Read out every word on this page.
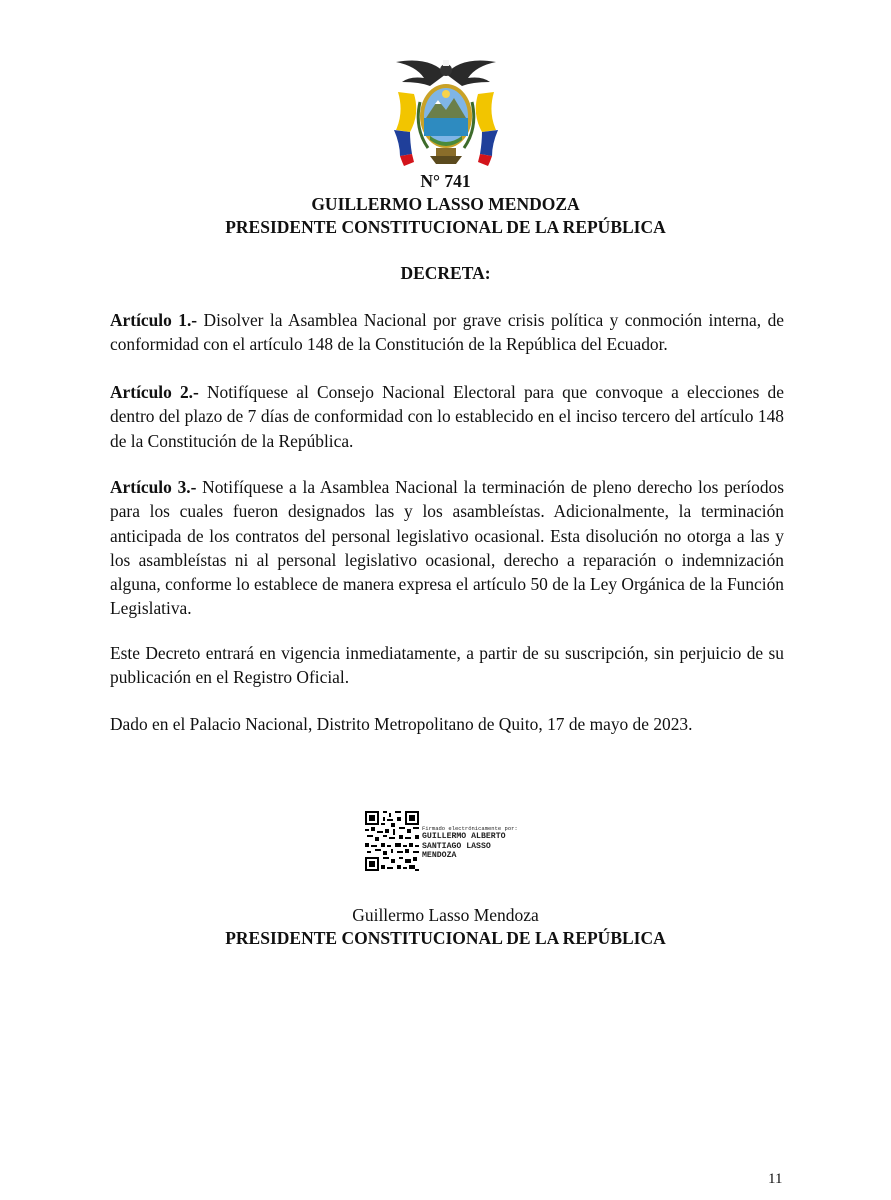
N° 741
GUILLERMO LASSO MENDOZA
PRESIDENTE CONSTITUCIONAL DE LA REPÚBLICA
DECRETA:
Artículo 1.- Disolver la Asamblea Nacional por grave crisis política y conmoción interna, de conformidad con el artículo 148 de la Constitución de la República del Ecuador.
Artículo 2.- Notifíquese al Consejo Nacional Electoral para que convoque a elecciones de dentro del plazo de 7 días de conformidad con lo establecido en el inciso tercero del artículo 148 de la Constitución de la República.
Artículo 3.- Notifíquese a la Asamblea Nacional la terminación de pleno derecho los períodos para los cuales fueron designados las y los asambleístas. Adicionalmente, la terminación anticipada de los contratos del personal legislativo ocasional. Esta disolución no otorga a las y los asambleístas ni al personal legislativo ocasional, derecho a reparación o indemnización alguna, conforme lo establece de manera expresa el artículo 50 de la Ley Orgánica de la Función Legislativa.
Este Decreto entrará en vigencia inmediatamente, a partir de su suscripción, sin perjuicio de su publicación en el Registro Oficial.
Dado en el Palacio Nacional, Distrito Metropolitano de Quito, 17 de mayo de 2023.
Firmado electrónicamente por:
GUILLERMO ALBERTO
SANTIAGO LASSO
MENDOZA
Guillermo Lasso Mendoza
PRESIDENTE CONSTITUCIONAL DE LA REPÚBLICA
11
